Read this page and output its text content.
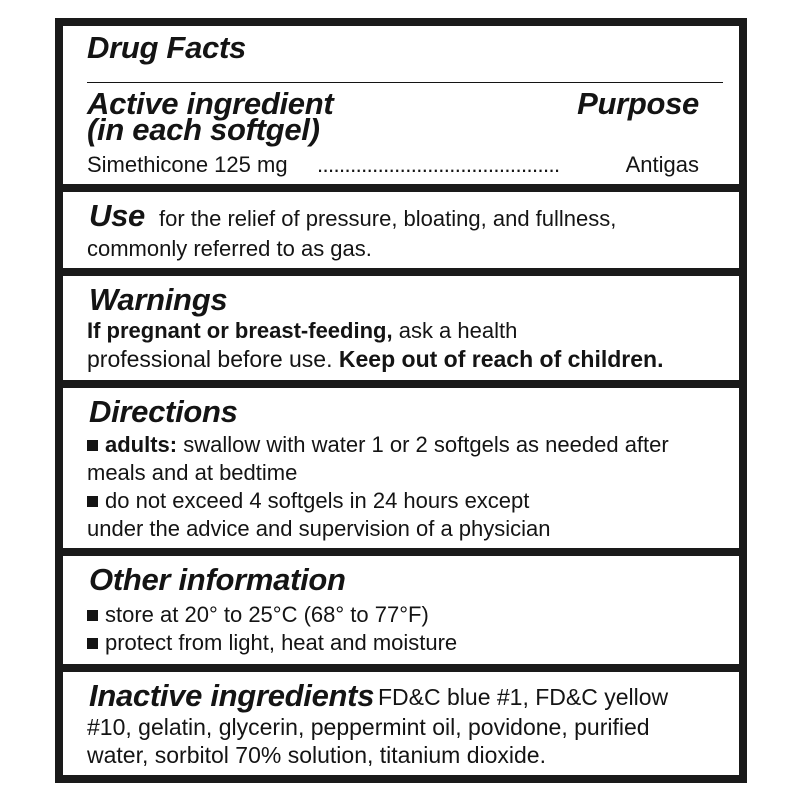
Drug Facts
Active ingredient
(in each softgel)
Purpose
Simethicone 125 mg ............................................	Antigas
Use for the relief of pressure, bloating, and fullness,
commonly referred to as gas.
Warnings
If pregnant or breast-feeding, ask a health
professional before use. Keep out of reach of children.
Directions
adults: swallow with water 1 or 2 softgels as needed after
meals and at bedtime
do not exceed 4 softgels in 24 hours except
under the advice and supervision of a physician
Other information
store at 20° to 25°C (68° to 77°F)
protect from light, heat and moisture
Inactive ingredients FD&C blue #1, FD&C yellow
#10, gelatin, glycerin, peppermint oil, povidone, purified
water, sorbitol 70% solution, titanium dioxide.
